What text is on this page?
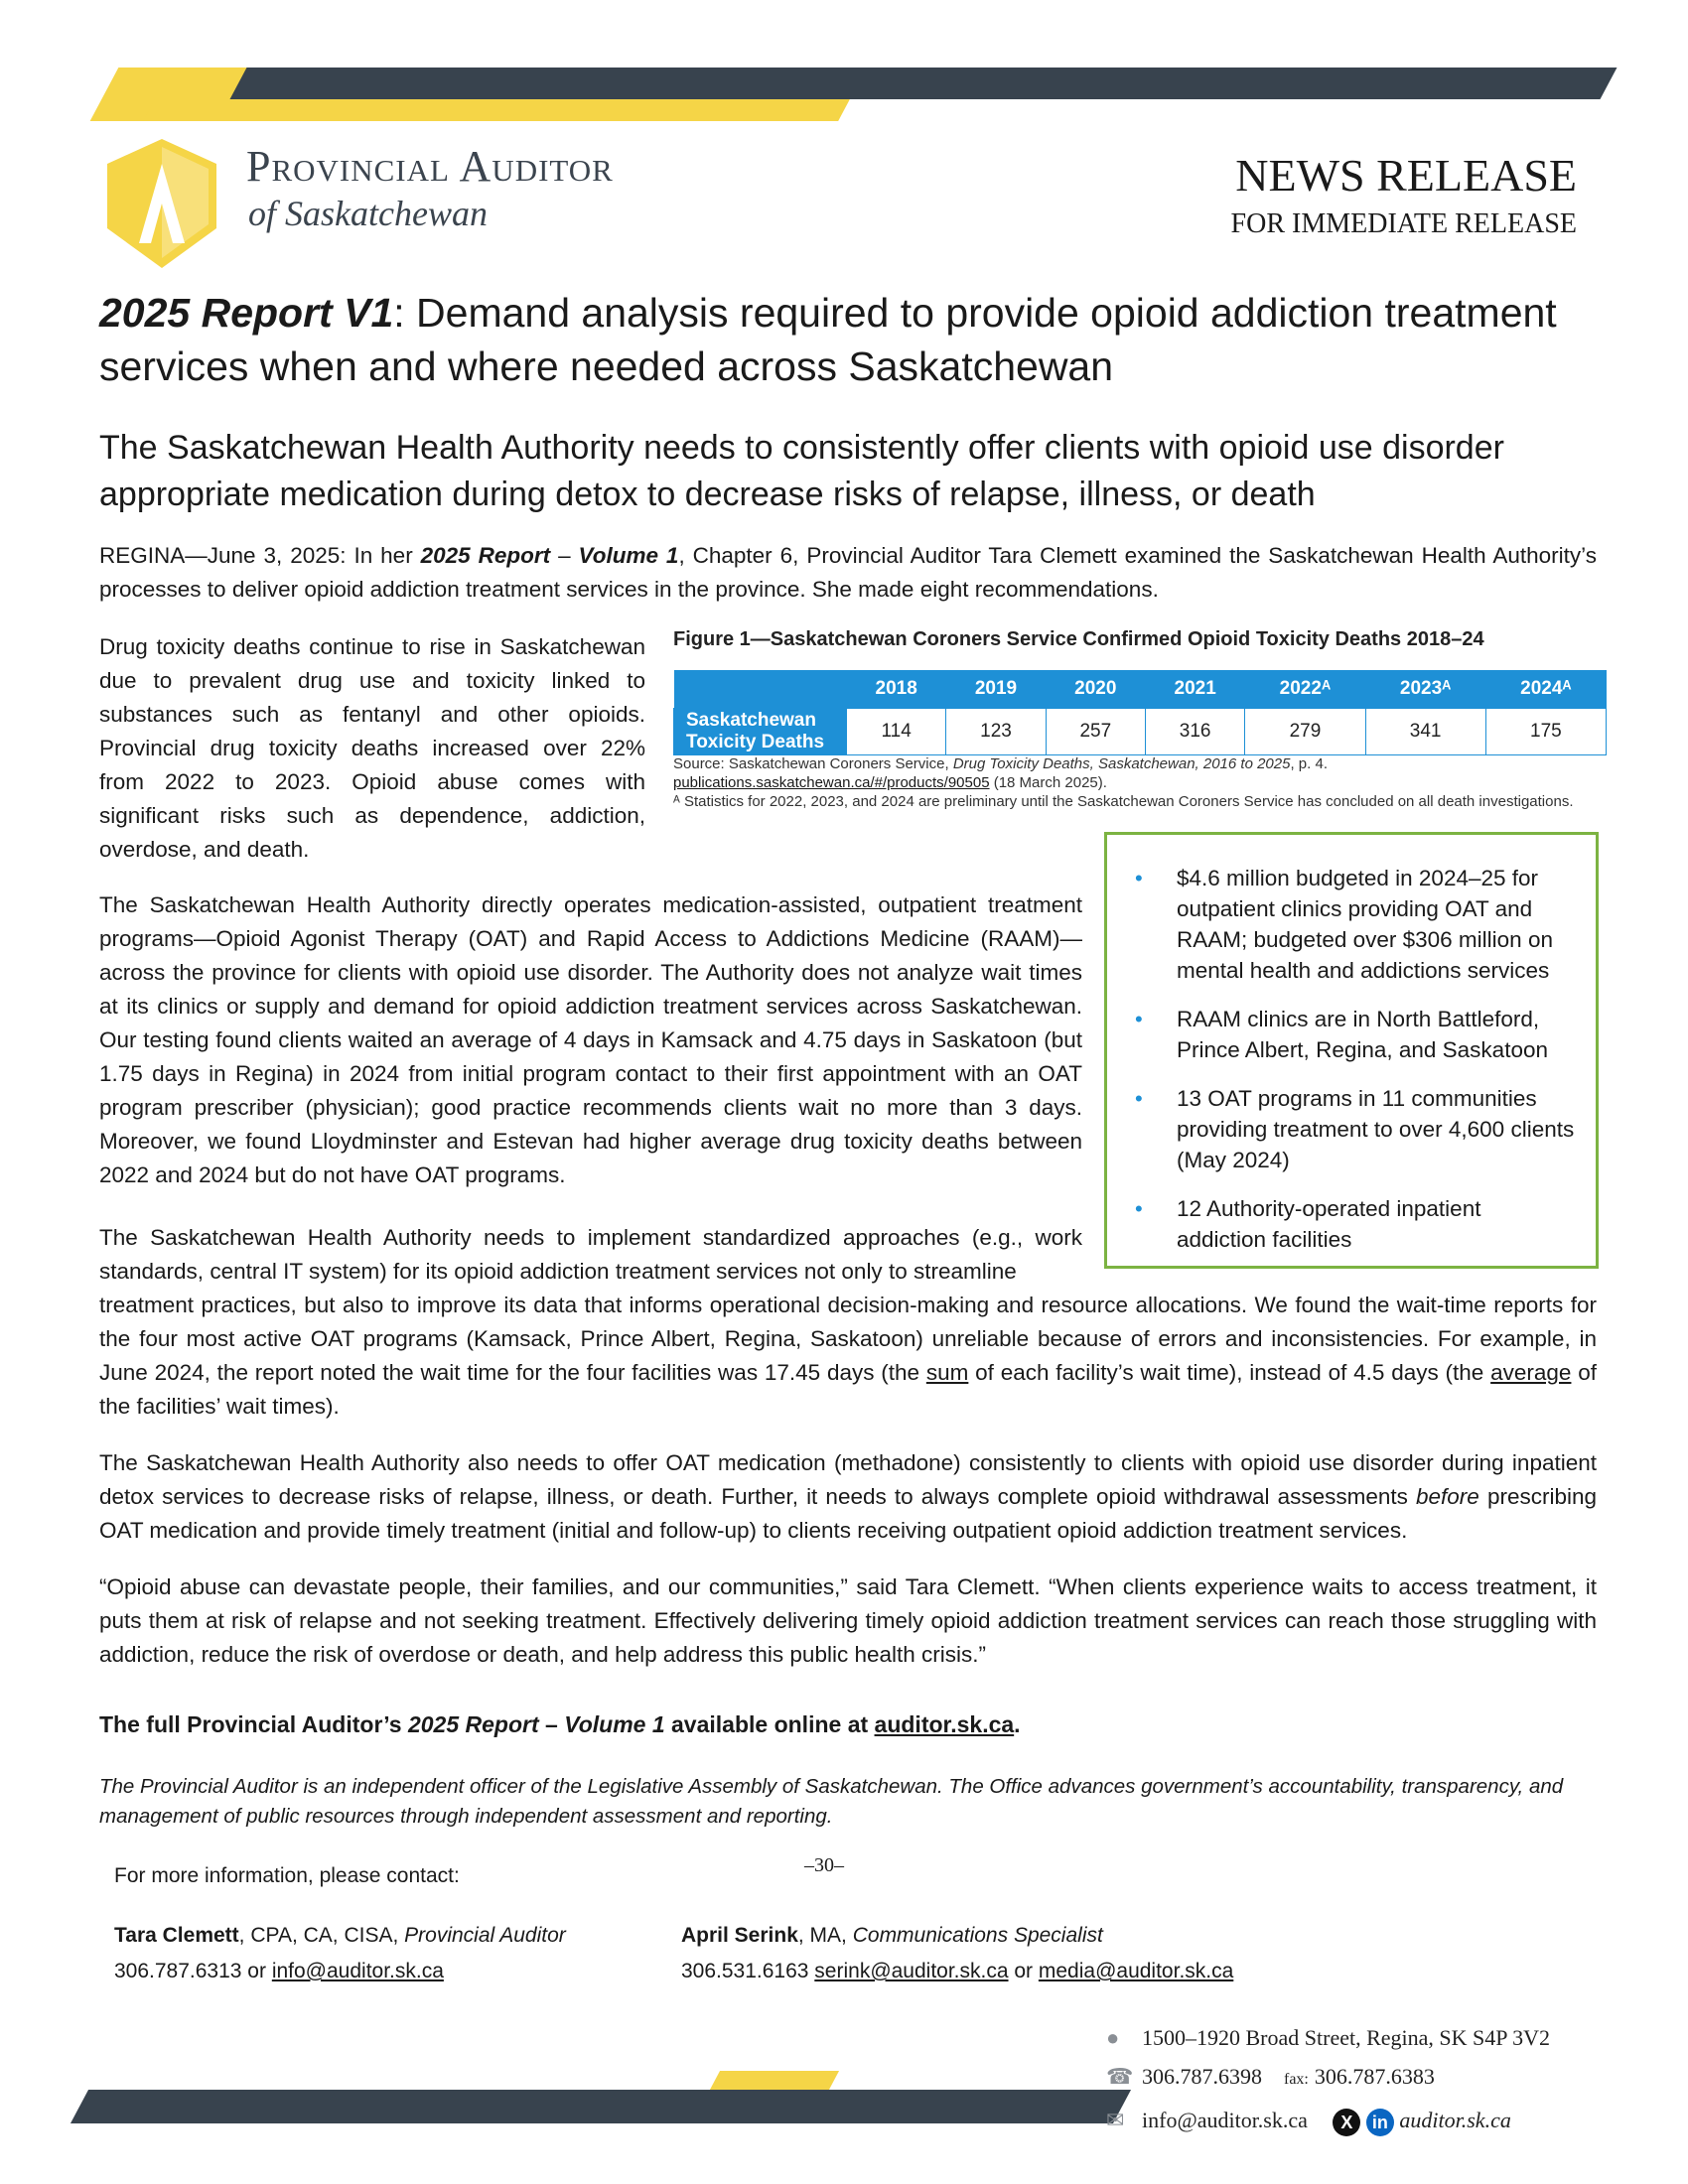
Provincial Auditor
of Saskatchewan
NEWS RELEASE
FOR IMMEDIATE RELEASE
2025 Report V1: Demand analysis required to provide opioid addiction treatment services when and where needed across Saskatchewan
The Saskatchewan Health Authority needs to consistently offer clients with opioid use disorder appropriate medication during detox to decrease risks of relapse, illness, or death

REGINA—June 3, 2025: In her 2025 Report – Volume 1, Chapter 6, Provincial Auditor Tara Clemett examined the Saskatchewan Health Authority’s processes to deliver opioid addiction treatment services in the province. She made eight recommendations.

Drug toxicity deaths continue to rise in Saskatchewan due to prevalent drug use and toxicity linked to substances such as fentanyl and other opioids. Provincial drug toxicity deaths increased over 22% from 2022 to 2023. Opioid abuse comes with significant risks such as dependence, addiction, overdose, and death.

Figure 1—Saskatchewan Coroners Service Confirmed Opioid Toxicity Deaths 2018–24
	2018	2019	2020	2021	2022ᴬ	2023ᴬ	2024ᴬ
Saskatchewan
Toxicity Deaths	114	123	257	316	279	341	175
Source: Saskatchewan Coroners Service, Drug Toxicity Deaths, Saskatchewan, 2016 to 2025, p. 4. publications.saskatchewan.ca/#/products/90505 (18 March 2025).
ᴬ Statistics for 2022, 2023, and 2024 are preliminary until the Saskatchewan Coroners Service has concluded on all death investigations.
• $4.6 million budgeted in 2024–25 for outpatient clinics providing OAT and RAAM; budgeted over $306 million on mental health and addictions services
• RAAM clinics are in North Battleford, Prince Albert, Regina, and Saskatoon
• 13 OAT programs in 11 communities providing treatment to over 4,600 clients (May 2024)
• 12 Authority-operated inpatient addiction facilities

The Saskatchewan Health Authority directly operates medication-assisted, outpatient treatment programs—Opioid Agonist Therapy (OAT) and Rapid Access to Addictions Medicine (RAAM)—across the province for clients with opioid use disorder. The Authority does not analyze wait times at its clinics or supply and demand for opioid addiction treatment services across Saskatchewan. Our testing found clients waited an average of 4 days in Kamsack and 4.75 days in Saskatoon (but 1.75 days in Regina) in 2024 from initial program contact to their first appointment with an OAT program prescriber (physician); good practice recommends clients wait no more than 3 days. Moreover, we found Lloydminster and Estevan had higher average drug toxicity deaths between 2022 and 2024 but do not have OAT programs.

The Saskatchewan Health Authority needs to implement standardized approaches (e.g., work standards, central IT system) for its opioid addiction treatment services not only to streamline

treatment practices, but also to improve its data that informs operational decision-making and resource allocations. We found the wait-time reports for the four most active OAT programs (Kamsack, Prince Albert, Regina, Saskatoon) unreliable because of errors and inconsistencies. For example, in June 2024, the report noted the wait time for the four facilities was 17.45 days (the sum of each facility’s wait time), instead of 4.5 days (the average of the facilities’ wait times).

The Saskatchewan Health Authority also needs to offer OAT medication (methadone) consistently to clients with opioid use disorder during inpatient detox services to decrease risks of relapse, illness, or death. Further, it needs to always complete opioid withdrawal assessments before prescribing OAT medication and provide timely treatment (initial and follow-up) to clients receiving outpatient opioid addiction treatment services.

“Opioid abuse can devastate people, their families, and our communities,” said Tara Clemett. “When clients experience waits to access treatment, it puts them at risk of relapse and not seeking treatment. Effectively delivering timely opioid addiction treatment services can reach those struggling with addiction, reduce the risk of overdose or death, and help address this public health crisis.”

The full Provincial Auditor’s 2025 Report – Volume 1 available online at auditor.sk.ca.
The Provincial Auditor is an independent officer of the Legislative Assembly of Saskatchewan. The Office advances government’s accountability, transparency, and management of public resources through independent assessment and reporting.
For more information, please contact:	–30–
Tara Clemett, CPA, CA, CISA, Provincial Auditor
306.787.6313 or info@auditor.sk.ca
April Serink, MA, Communications Specialist
306.531.6163 serink@auditor.sk.ca or media@auditor.sk.ca
●	1500–1920 Broad Street, Regina, SK S4P 3V2
☎ 306.787.6398 fax: 306.787.6383
✉ info@auditor.sk.ca X in auditor.sk.ca
